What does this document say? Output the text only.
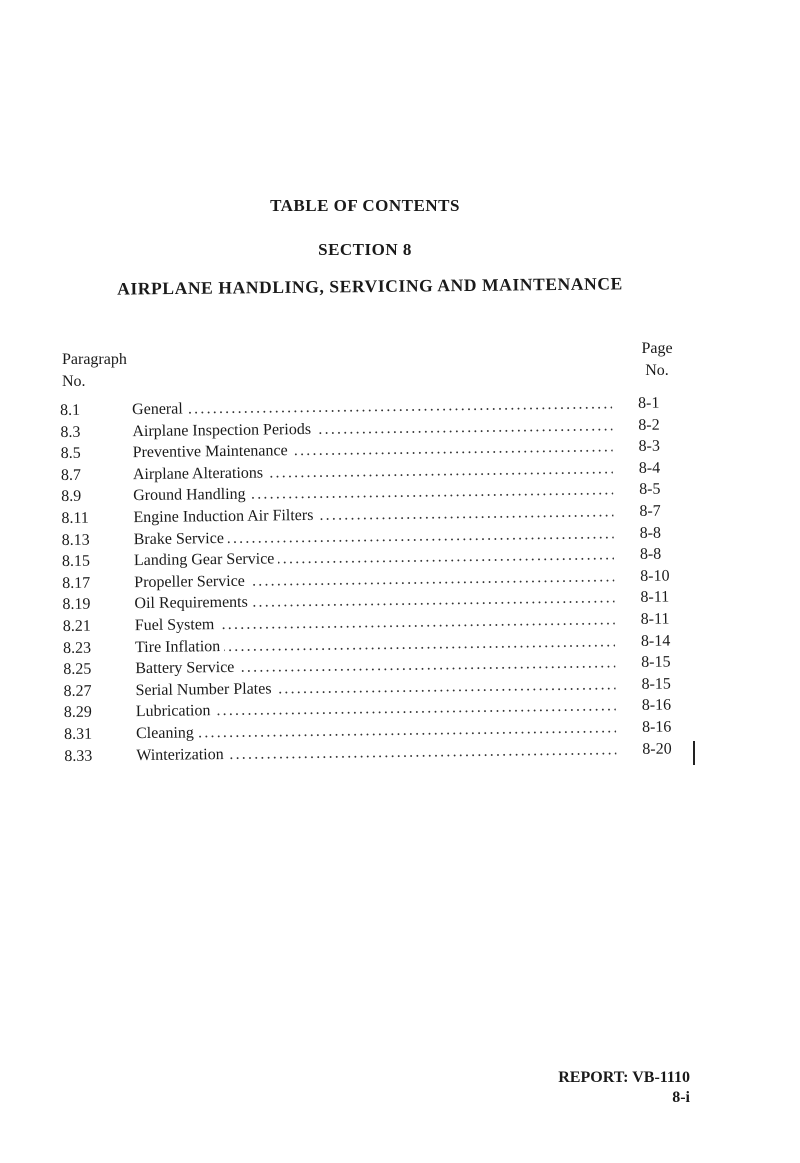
TABLE OF CONTENTS
SECTION 8
AIRPLANE HANDLING, SERVICING AND MAINTENANCE
Paragraph
No.
Page
No.
8.1	General .....	8-1
8.3	Airplane Inspection Periods .....	8-2
8.5	Preventive Maintenance .....	8-3
8.7	Airplane Alterations .....	8-4
8.9	Ground Handling .....	8-5
8.11	Engine Induction Air Filters .....	8-7
8.13	Brake Service .....	8-8
8.15	Landing Gear Service .....	8-8
8.17	Propeller Service .....	8-10
8.19	Oil Requirements .....	8-11
8.21	Fuel System .....	8-11
8.23	Tire Inflation .....	8-14
8.25	Battery Service .....	8-15
8.27	Serial Number Plates .....	8-15
8.29	Lubrication .....	8-16
8.31	Cleaning .....	8-16
8.33	Winterization .....	8-20
REPORT: VB-1110
8-i
